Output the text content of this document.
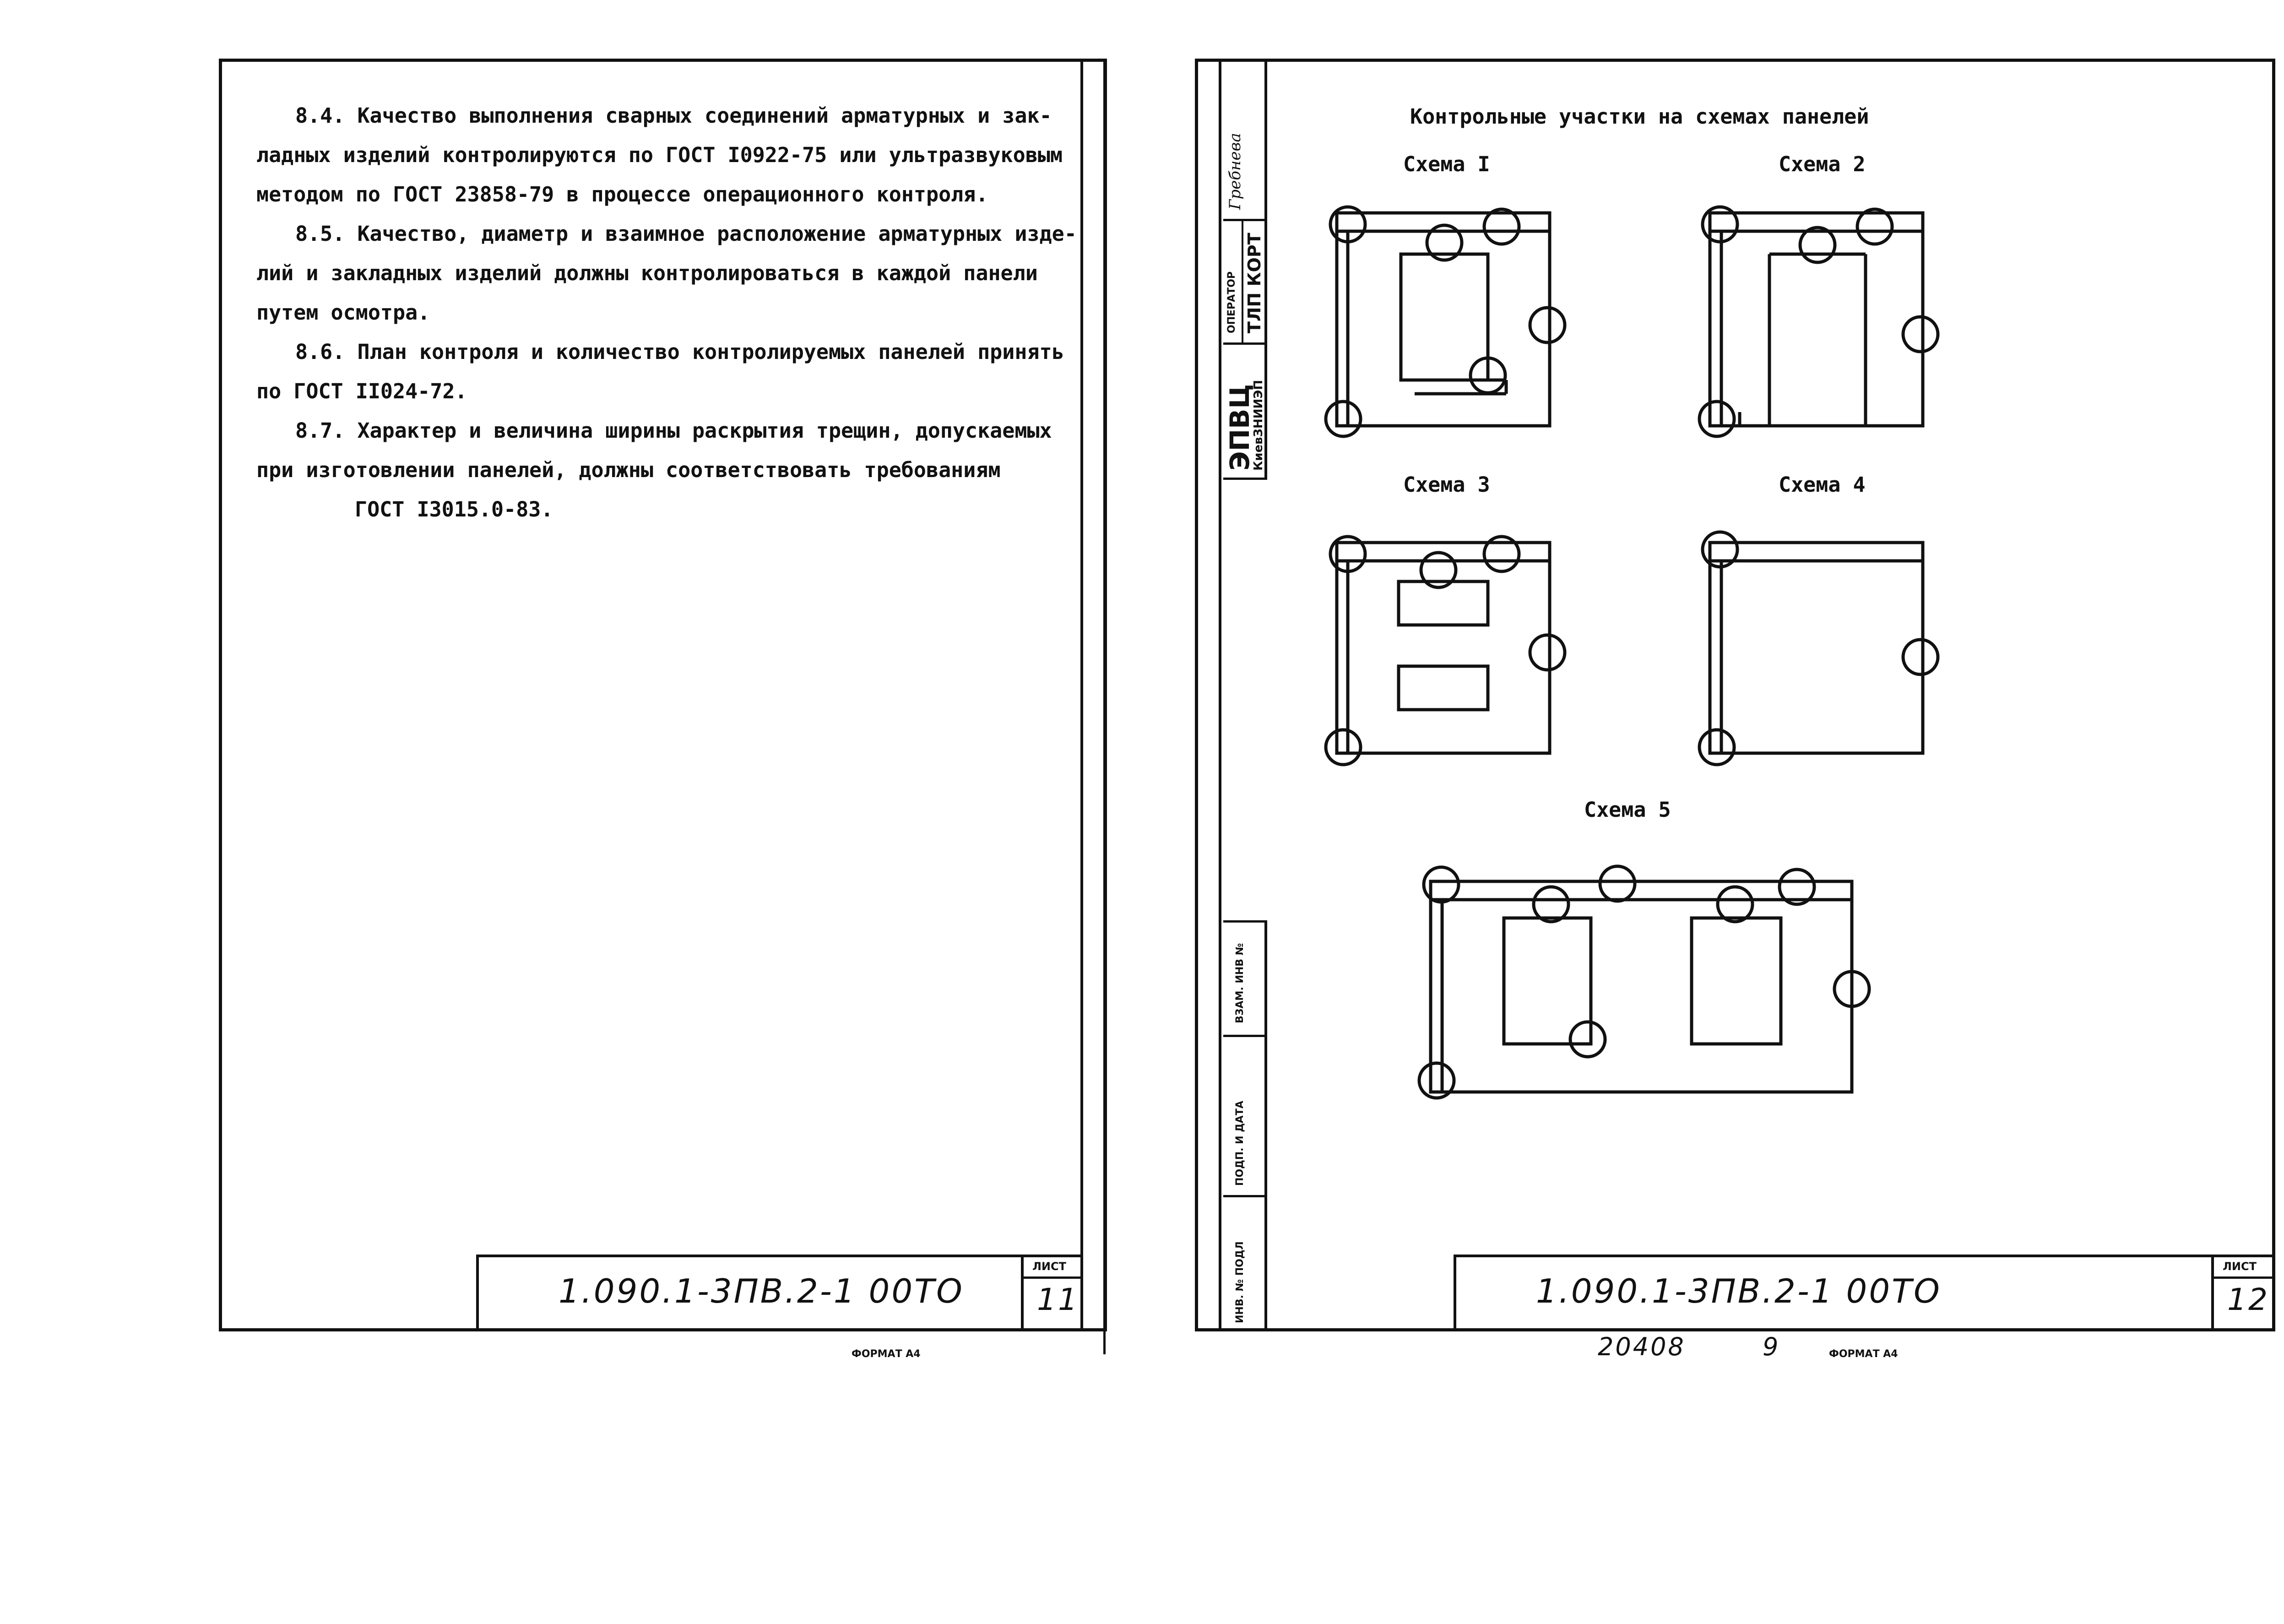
8.4. Качество выполнения сварных соединений арматурных и зак-
ладных изделий контролируются по ГОСТ I0922-75 или ультразвуковым
методом по ГОСТ 23858-79 в процессе операционного контроля.
8.5. Качество, диаметр и взаимное расположение арматурных изде-
лий и закладных изделий должны контролироваться в каждой панели
путем осмотра.
8.6. План контроля и количество контролируемых панелей принять
по ГОСТ II024-72.
8.7. Характер и величина ширины раскрытия трещин, допускаемых
при изготовлении панелей, должны соответствовать требованиям
ГОСТ I3015.0-83.
1.090.1-3ПВ.2-1 00ТО
ЛИСТ
11
ФОРМАТ А4
Гребнева
ОПЕРАТОР ТЛП КОРТ
ЭПВЦ
КиевЗНИИЭП
ВЗАМ. ИНВ №
ПОДП. И ДАТА
ИНВ. № ПОДЛ
Контрольные участки на схемах панелей
Схема I	Схема 2
Схема 3	Схема 4
Схема 5
1.090.1-3ПВ.2-1 00ТО
ЛИСТ
12
20408	9	ФОРМАТ А4
